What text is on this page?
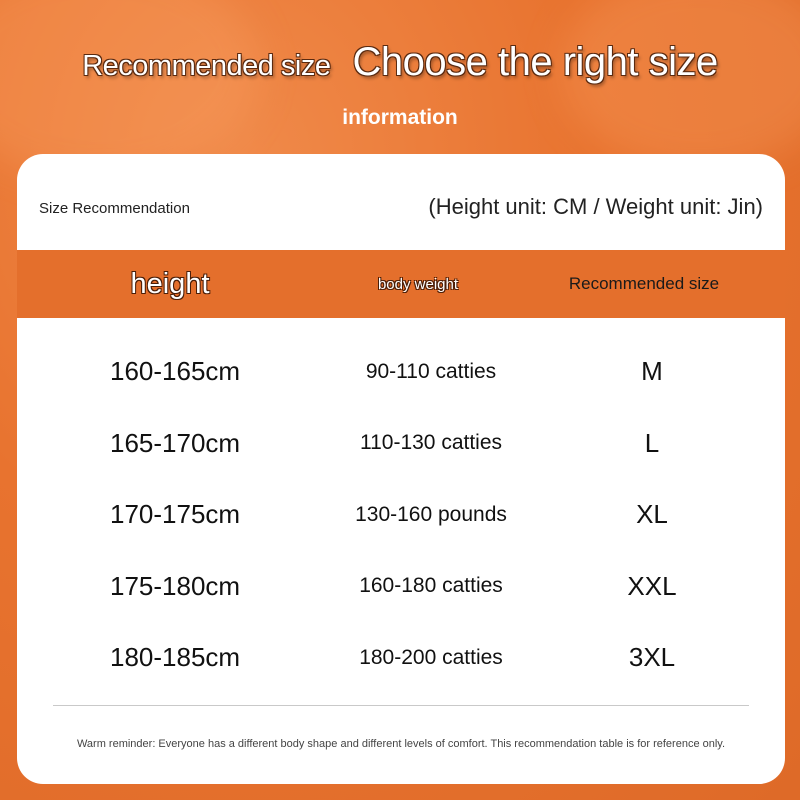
Recommended size Choose the right size
information
Size Recommendation	(Height unit: CM / Weight unit: Jin)
height	body weight	Recommended size
160-165cm	90-110 catties	M
165-170cm	110-130 catties	L
170-175cm	130-160 pounds	XL
175-180cm	160-180 catties	XXL
180-185cm	180-200 catties	3XL
Warm reminder: Everyone has a different body shape and different levels of comfort. This recommendation table is for reference only.
